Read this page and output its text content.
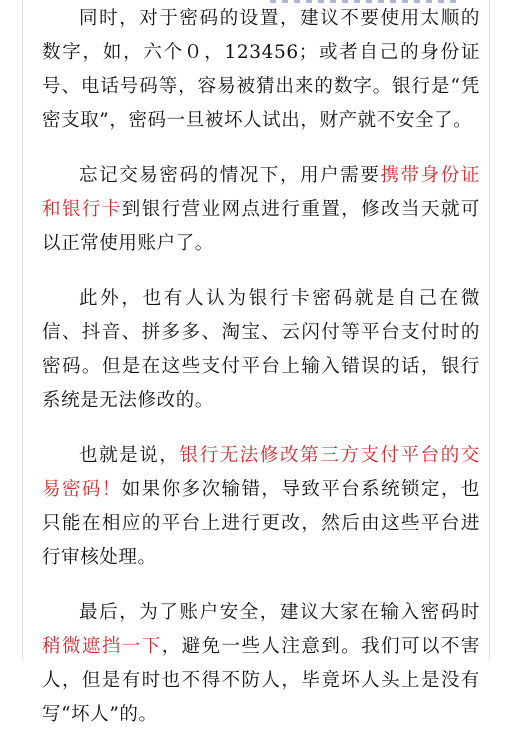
同时，对于密码的设置，建议不要使用太顺的数字，如，六个０，123456；或者自己的身份证号、电话号码等，容易被猜出来的数字。银行是“凭密支取”，密码一旦被坏人试出，财产就不安全了。

忘记交易密码的情况下，用户需要携带身份证和银行卡到银行营业网点进行重置，修改当天就可以正常使用账户了。

此外，也有人认为银行卡密码就是自己在微信、抖音、拼多多、淘宝、云闪付等平台支付时的密码。但是在这些支付平台上输入错误的话，银行系统是无法修改的。

也就是说，银行无法修改第三方支付平台的交易密码！如果你多次输错，导致平台系统锁定，也只能在相应的平台上进行更改，然后由这些平台进行审核处理。

最后，为了账户安全，建议大家在输入密码时稍微遮挡一下，避免一些人注意到。我们可以不害人，但是有时也不得不防人，毕竟坏人头上是没有写“坏人”的。
